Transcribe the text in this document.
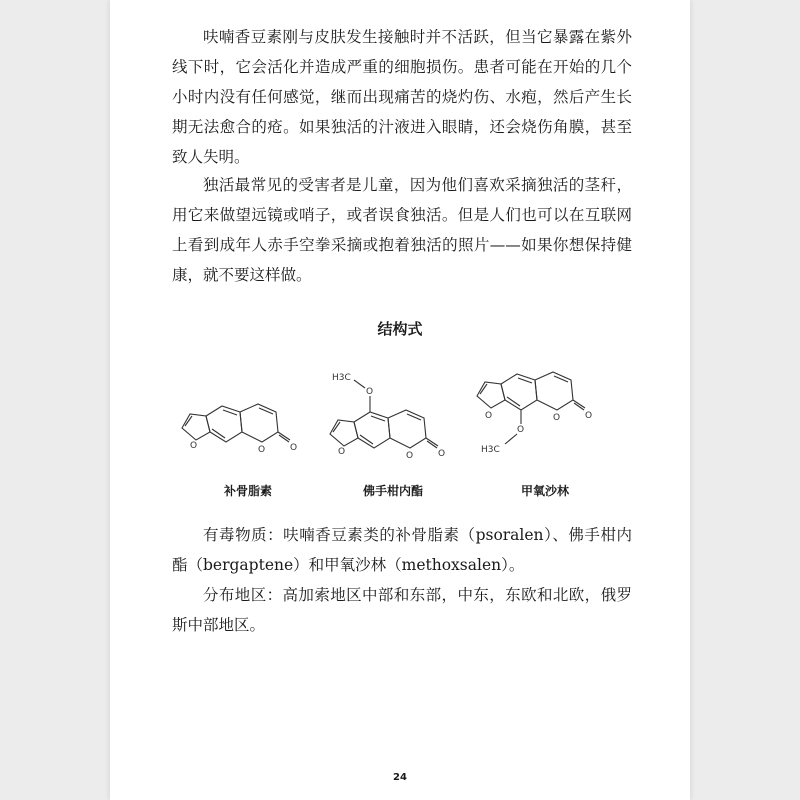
呋喃香豆素刚与皮肤发生接触时并不活跃，但当它暴露在紫外线下时，它会活化并造成严重的细胞损伤。患者可能在开始的几个小时内没有任何感觉，继而出现痛苦的烧灼伤、水疱，然后产生长期无法愈合的疮。如果独活的汁液进入眼睛，还会烧伤角膜，甚至致人失明。

独活最常见的受害者是儿童，因为他们喜欢采摘独活的茎秆，用它来做望远镜或哨子，或者误食独活。但是人们也可以在互联网上看到成年人赤手空拳采摘或抱着独活的照片——如果你想保持健康，就不要这样做。

结构式
O	O	O
补骨脂素
O
H3C
O	O	O
佛手柑内酯
O
H3C
O	O	O
甲氧沙林

有毒物质：呋喃香豆素类的补骨脂素（psoralen）、佛手柑内酯（bergaptene）和甲氧沙林（methoxsalen）。

分布地区：高加索地区中部和东部，中东，东欧和北欧，俄罗斯中部地区。

24
